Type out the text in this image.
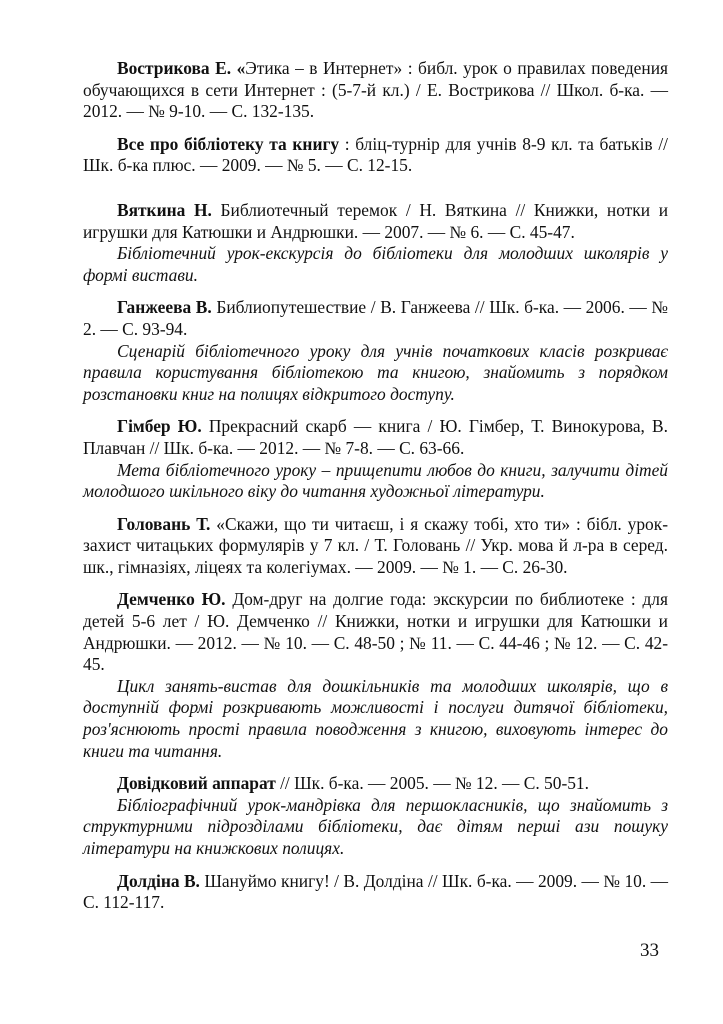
Вострикова Е. «Этика – в Интернет» : библ. урок о правилах поведения обучающихся в сети Интернет : (5-7-й кл.) / Е. Вострикова // Школ. б-ка. — 2012. — № 9-10. — С. 132-135.

Все про бібліотеку та книгу : бліц-турнір для учнів 8-9 кл. та батьків // Шк. б-ка плюс. — 2009. — № 5. — С. 12-15.

Вяткина Н. Библиотечный теремок / Н. Вяткина // Книжки, нотки и игрушки для Катюшки и Андрюшки. — 2007. — № 6. — С. 45-47.

Бібліотечний урок-екскурсія до бібліотеки для молодших школярів у формі вистави.

Ганжеева В. Библиопутешествие / В. Ганжеева // Шк. б-ка. — 2006. — № 2. — С. 93-94.

Сценарій бібліотечного уроку для учнів початкових класів розкриває правила користування бібліотекою та книгою, знайомить з порядком розстановки книг на полицях відкритого доступу.

Гімбер Ю. Прекрасний скарб — книга / Ю. Гімбер, Т. Винокурова, В. Плавчан // Шк. б-ка. — 2012. — № 7-8. — С. 63-66.

Мета бібліотечного уроку – прищепити любов до книги, залучити дітей молодшого шкільного віку до читання художньої літератури.

Головань Т. «Скажи, що ти читаєш, і я скажу тобі, хто ти» : бібл. урок-захист читацьких формулярів у 7 кл. / Т. Головань // Укр. мова й л-ра в серед. шк., гімназіях, ліцеях та колегіумах. — 2009. — № 1. — С. 26-30.

Демченко Ю. Дом-друг на долгие года: экскурсии по библиотеке : для детей 5-6 лет / Ю. Демченко // Книжки, нотки и игрушки для Катюшки и Андрюшки. — 2012. — № 10. — С. 48-50 ; № 11. — С. 44-46 ; № 12. — С. 42-45.

Цикл занять-вистав для дошкільників та молодших школярів, що в доступній формі розкривають можливості і послуги дитячої бібліотеки, роз'яснюють прості правила поводження з книгою, виховують інтерес до книги та читання.

Довідковий аппарат // Шк. б-ка. — 2005. — № 12. — С. 50-51.

Бібліографічний урок-мандрівка для першокласників, що знайомить з структурними підрозділами бібліотеки, дає дітям перші ази пошуку літератури на книжкових полицях.

Долдіна В. Шануймо книгу! / В. Долдіна // Шк. б-ка. — 2009. — № 10. — С. 112-117.

33
